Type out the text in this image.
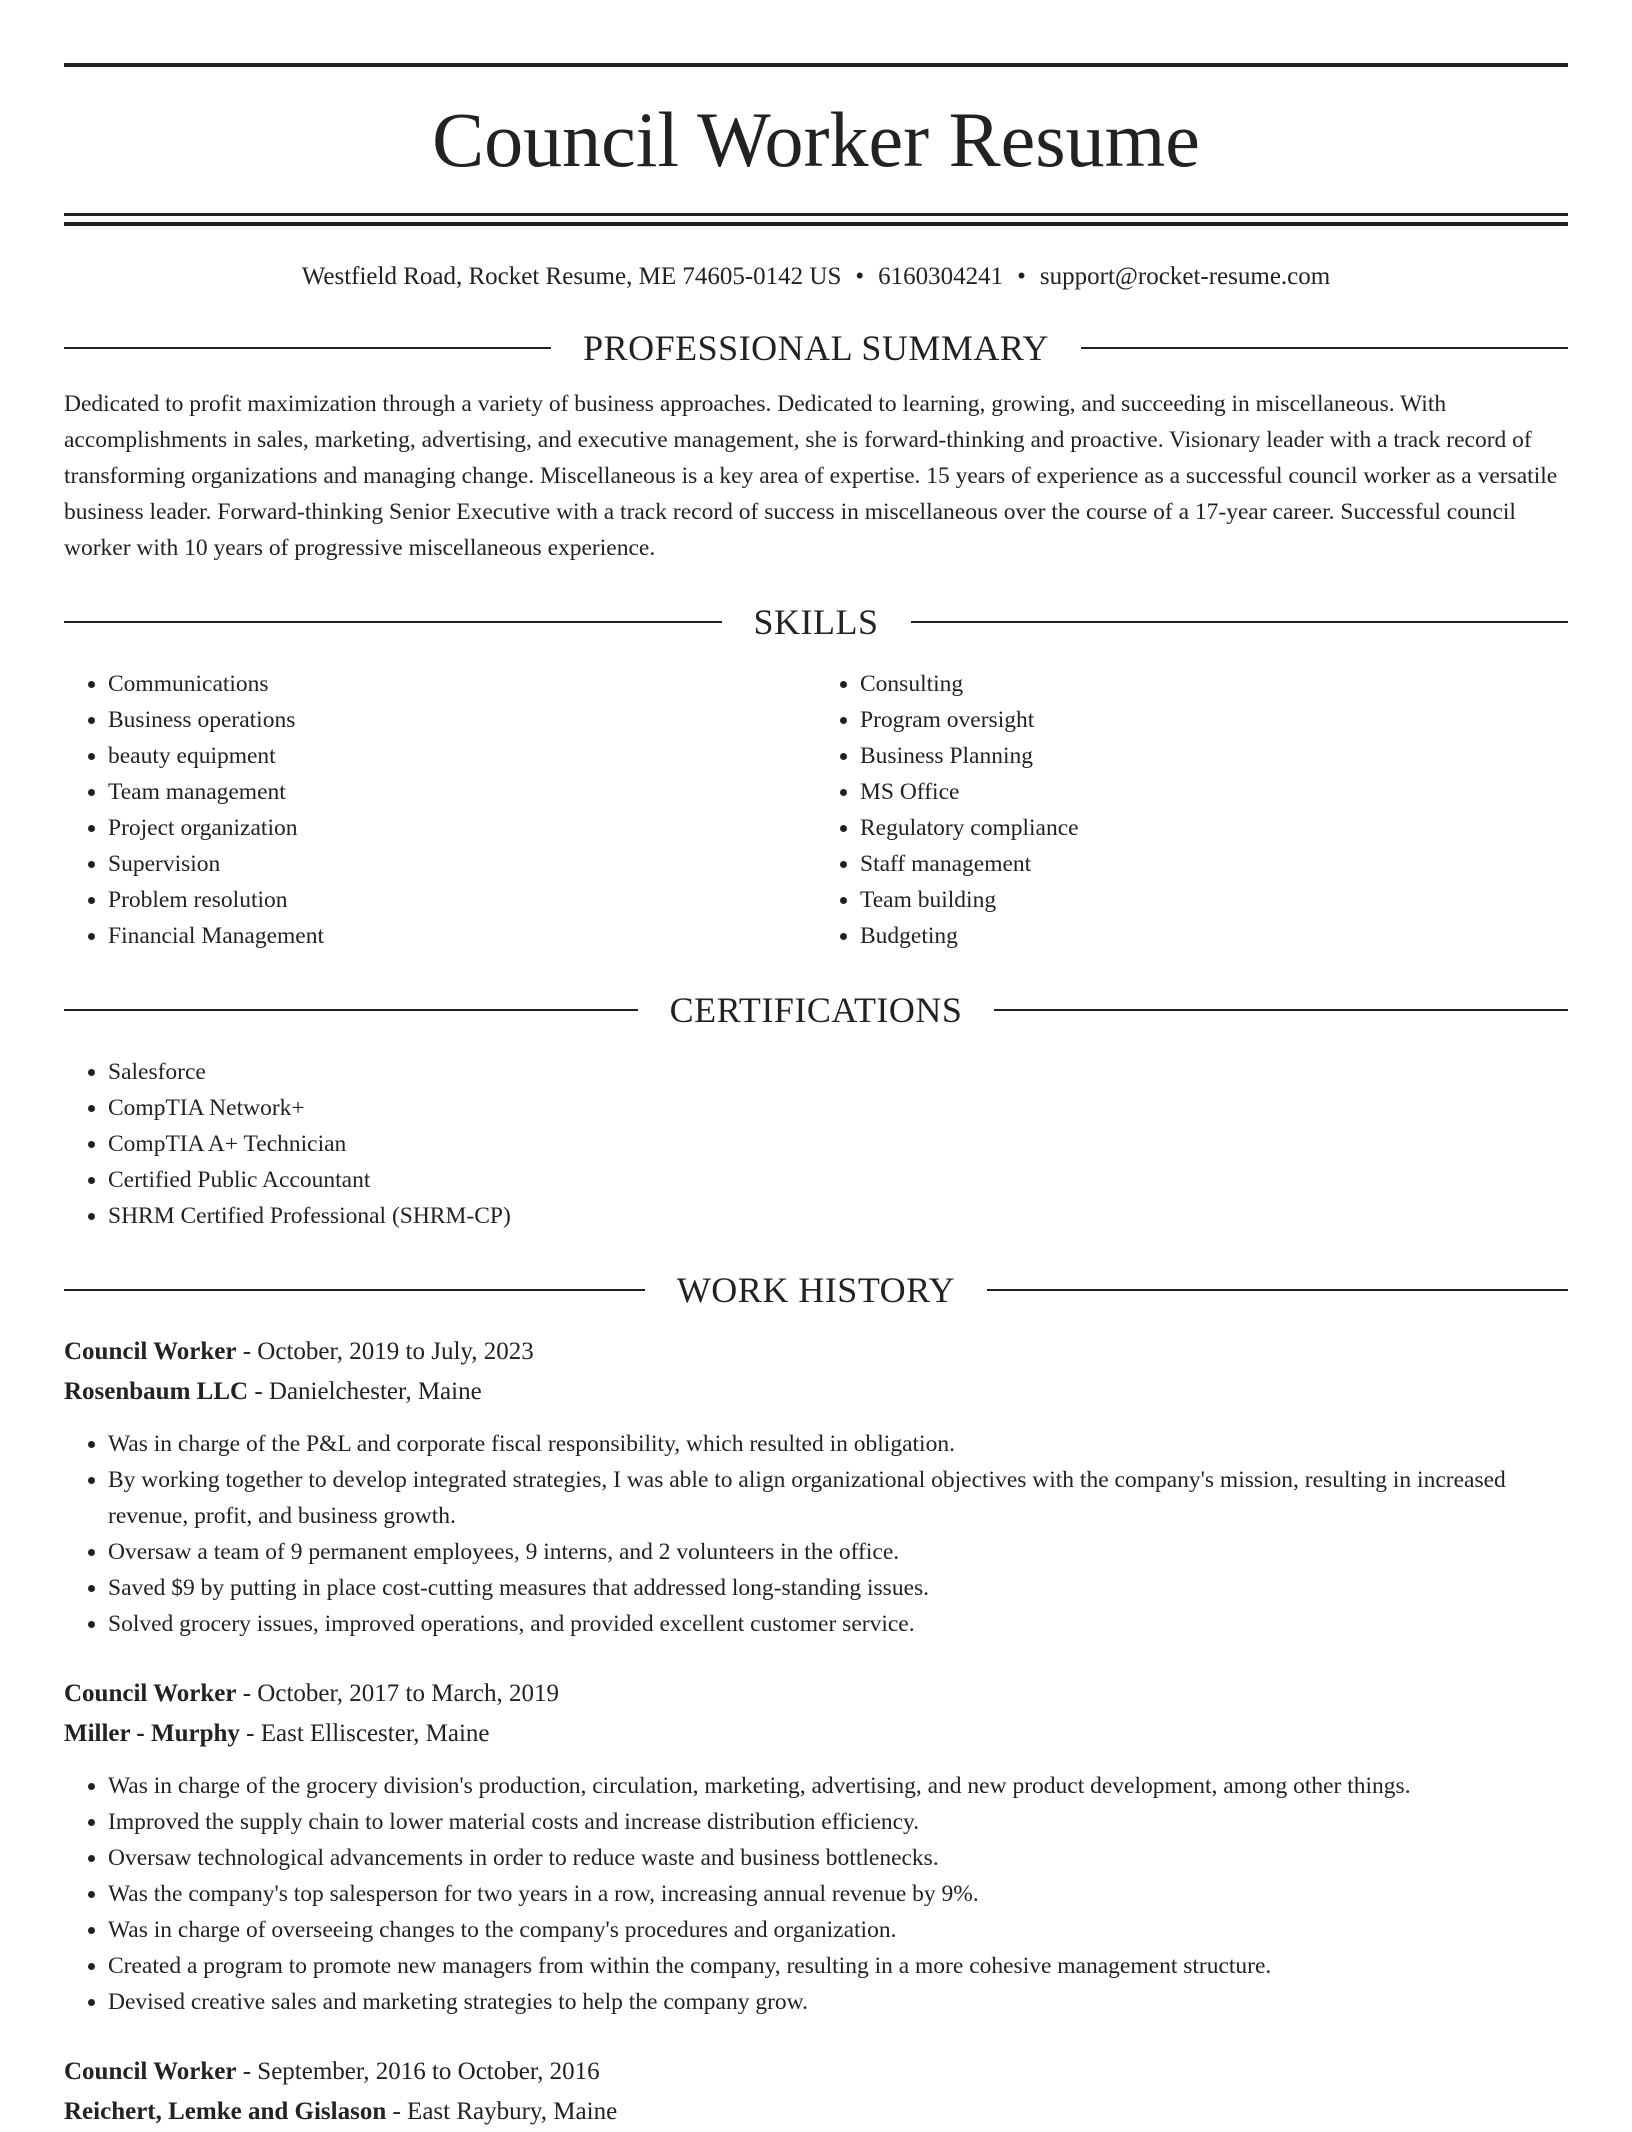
Council Worker Resume
Westfield Road, Rocket Resume, ME 74605-0142 US • 6160304241 • support@rocket-resume.com
PROFESSIONAL SUMMARY
Dedicated to profit maximization through a variety of business approaches. Dedicated to learning, growing, and succeeding in miscellaneous. With accomplishments in sales, marketing, advertising, and executive management, she is forward-thinking and proactive. Visionary leader with a track record of transforming organizations and managing change. Miscellaneous is a key area of expertise. 15 years of experience as a successful council worker as a versatile business leader. Forward-thinking Senior Executive with a track record of success in miscellaneous over the course of a 17-year career. Successful council worker with 10 years of progressive miscellaneous experience.
SKILLS
• Communications
• Business operations
• beauty equipment
• Team management
• Project organization
• Supervision
• Problem resolution
• Financial Management
• Consulting
• Program oversight
• Business Planning
• MS Office
• Regulatory compliance
• Staff management
• Team building
• Budgeting
CERTIFICATIONS
• Salesforce
• CompTIA Network+
• CompTIA A+ Technician
• Certified Public Accountant
• SHRM Certified Professional (SHRM-CP)
WORK HISTORY
Council Worker - October, 2019 to July, 2023
Rosenbaum LLC - Danielchester, Maine
• Was in charge of the P&L and corporate fiscal responsibility, which resulted in obligation.
• By working together to develop integrated strategies, I was able to align organizational objectives with the company's mission, resulting in increased revenue, profit, and business growth.
• Oversaw a team of 9 permanent employees, 9 interns, and 2 volunteers in the office.
• Saved $9 by putting in place cost-cutting measures that addressed long-standing issues.
• Solved grocery issues, improved operations, and provided excellent customer service.
Council Worker - October, 2017 to March, 2019
Miller - Murphy - East Elliscester, Maine
• Was in charge of the grocery division's production, circulation, marketing, advertising, and new product development, among other things.
• Improved the supply chain to lower material costs and increase distribution efficiency.
• Oversaw technological advancements in order to reduce waste and business bottlenecks.
• Was the company's top salesperson for two years in a row, increasing annual revenue by 9%.
• Was in charge of overseeing changes to the company's procedures and organization.
• Created a program to promote new managers from within the company, resulting in a more cohesive management structure.
• Devised creative sales and marketing strategies to help the company grow.
Council Worker - September, 2016 to October, 2016
Reichert, Lemke and Gislason - East Raybury, Maine
